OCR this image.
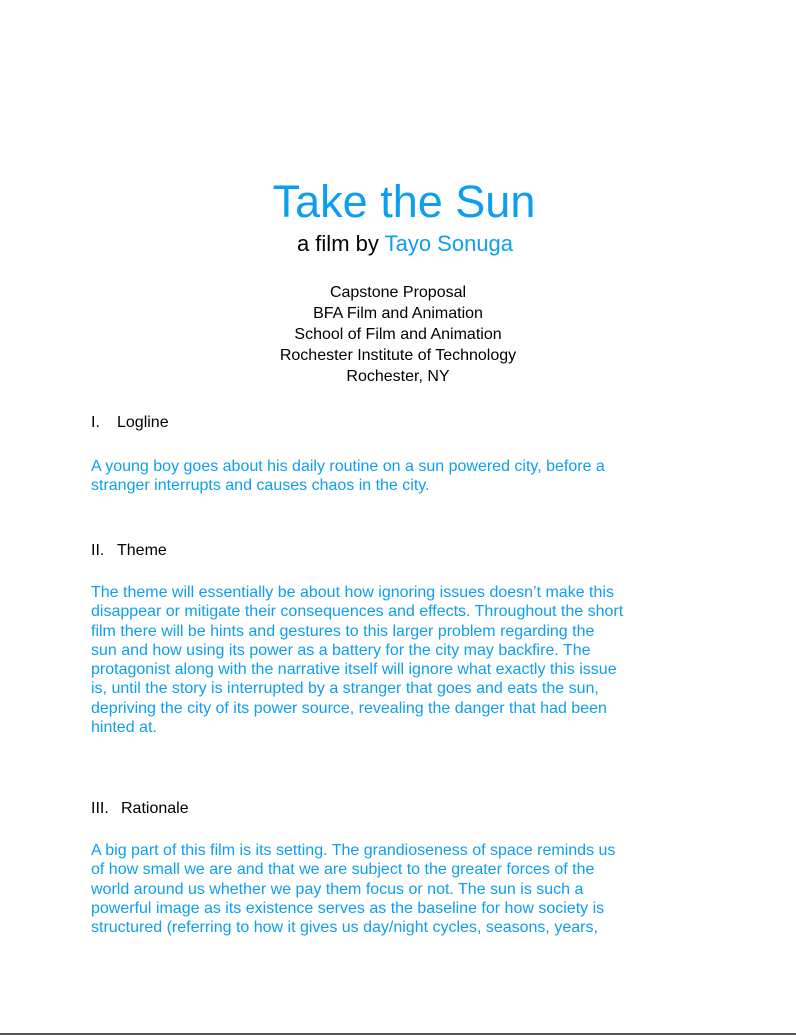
Take the Sun
a film by Tayo Sonuga
Capstone Proposal
BFA Film and Animation
School of Film and Animation
Rochester Institute of Technology
Rochester, NY
I. Logline
A young boy goes about his daily routine on a sun powered city, before a
stranger interrupts and causes chaos in the city.
II. Theme
The theme will essentially be about how ignoring issues doesn’t make this
disappear or mitigate their consequences and effects. Throughout the short
film there will be hints and gestures to this larger problem regarding the
sun and how using its power as a battery for the city may backfire. The
protagonist along with the narrative itself will ignore what exactly this issue
is, until the story is interrupted by a stranger that goes and eats the sun,
depriving the city of its power source, revealing the danger that had been
hinted at.
III. Rationale
A big part of this film is its setting. The grandioseness of space reminds us
of how small we are and that we are subject to the greater forces of the
world around us whether we pay them focus or not. The sun is such a
powerful image as its existence serves as the baseline for how society is
structured (referring to how it gives us day/night cycles, seasons, years,
